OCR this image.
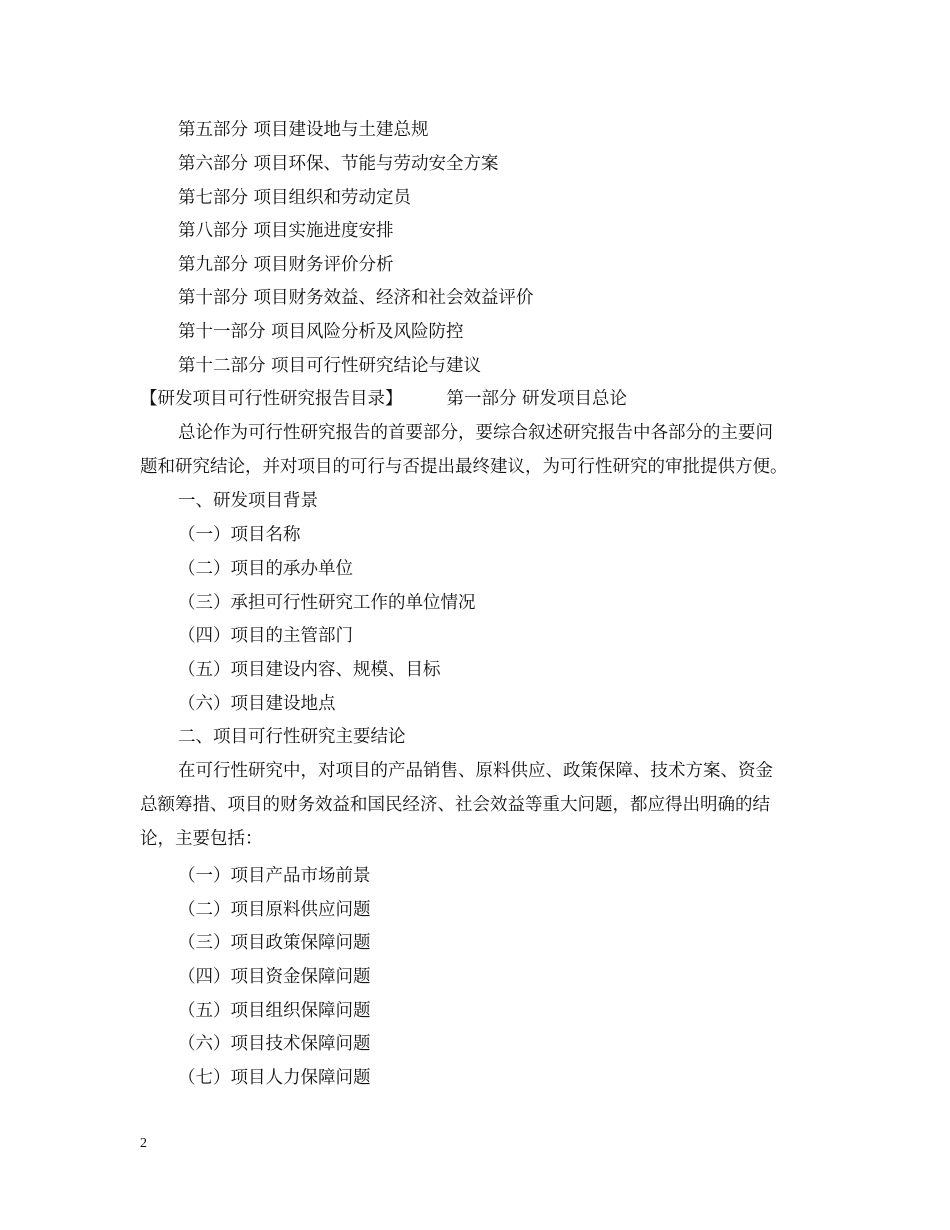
第五部分 项目建设地与土建总规
第六部分 项目环保、节能与劳动安全方案
第七部分 项目组织和劳动定员
第八部分 项目实施进度安排
第九部分 项目财务评价分析
第十部分 项目财务效益、经济和社会效益评价
第十一部分 项目风险分析及风险防控
第十二部分 项目可行性研究结论与建议
【研发项目可行性研究报告目录】	第一部分 研发项目总论
总论作为可行性研究报告的首要部分，要综合叙述研究报告中各部分的主要问
题和研究结论，并对项目的可行与否提出最终建议，为可行性研究的审批提供方便。
一、研发项目背景
（一）项目名称
（二）项目的承办单位
（三）承担可行性研究工作的单位情况
（四）项目的主管部门
（五）项目建设内容、规模、目标
（六）项目建设地点
二、项目可行性研究主要结论
在可行性研究中，对项目的产品销售、原料供应、政策保障、技术方案、资金
总额筹措、项目的财务效益和国民经济、社会效益等重大问题，都应得出明确的结
论，主要包括：
（一）项目产品市场前景
（二）项目原料供应问题
（三）项目政策保障问题
（四）项目资金保障问题
（五）项目组织保障问题
（六）项目技术保障问题
（七）项目人力保障问题
2
